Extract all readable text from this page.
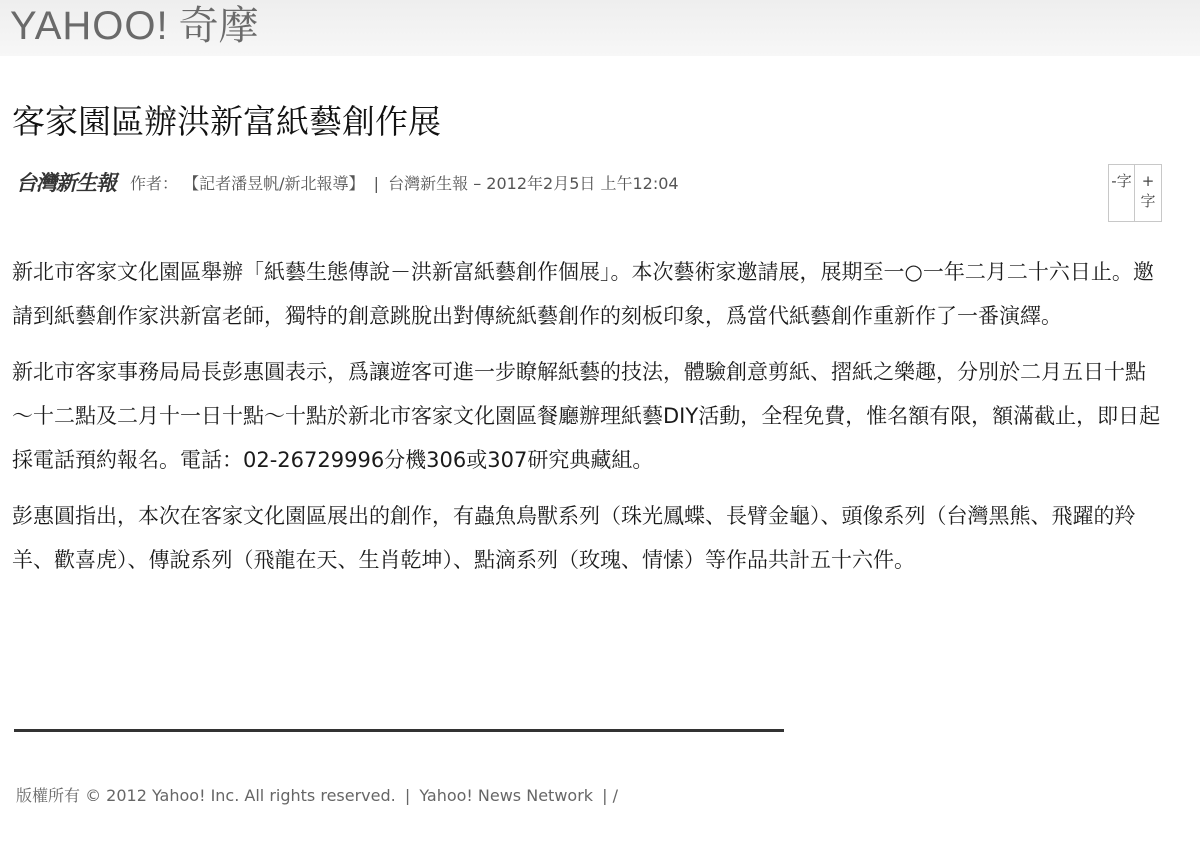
YAHOO! 奇摩
客家園區辦洪新富紙藝創作展
台灣新生報 作者： 【記者潘昱帆/新北報導】 | 台灣新生報 – 2012年2月5日 上午12:04	-字 + 字

新北市客家文化園區舉辦「紙藝生態傳說－洪新富紙藝創作個展」。本次藝術家邀請展，展期至一○一年二月二十六日止。邀請到紙藝創作家洪新富老師，獨特的創意跳脫出對傳統紙藝創作的刻板印象，爲當代紙藝創作重新作了一番演繹。

新北市客家事務局局長彭惠圓表示，爲讓遊客可進一步瞭解紙藝的技法，體驗創意剪紙、摺紙之樂趣，分別於二月五日十點～十二點及二月十一日十點～十點於新北市客家文化園區餐廳辦理紙藝DIY活動，全程免費，惟名額有限，額滿截止，即日起採電話預約報名。電話：02-26729996分機306或307研究典藏組。

彭惠圓指出，本次在客家文化園區展出的創作，有蟲魚鳥獸系列（珠光鳳蝶、長臂金龜）、頭像系列（台灣黑熊、飛躍的羚羊、歡喜虎）、傳說系列（飛龍在天、生肖乾坤）、點滴系列（玫瑰、情愫）等作品共計五十六件。

版權所有 © 2012 Yahoo! Inc. All rights reserved. | Yahoo! News Network | /
